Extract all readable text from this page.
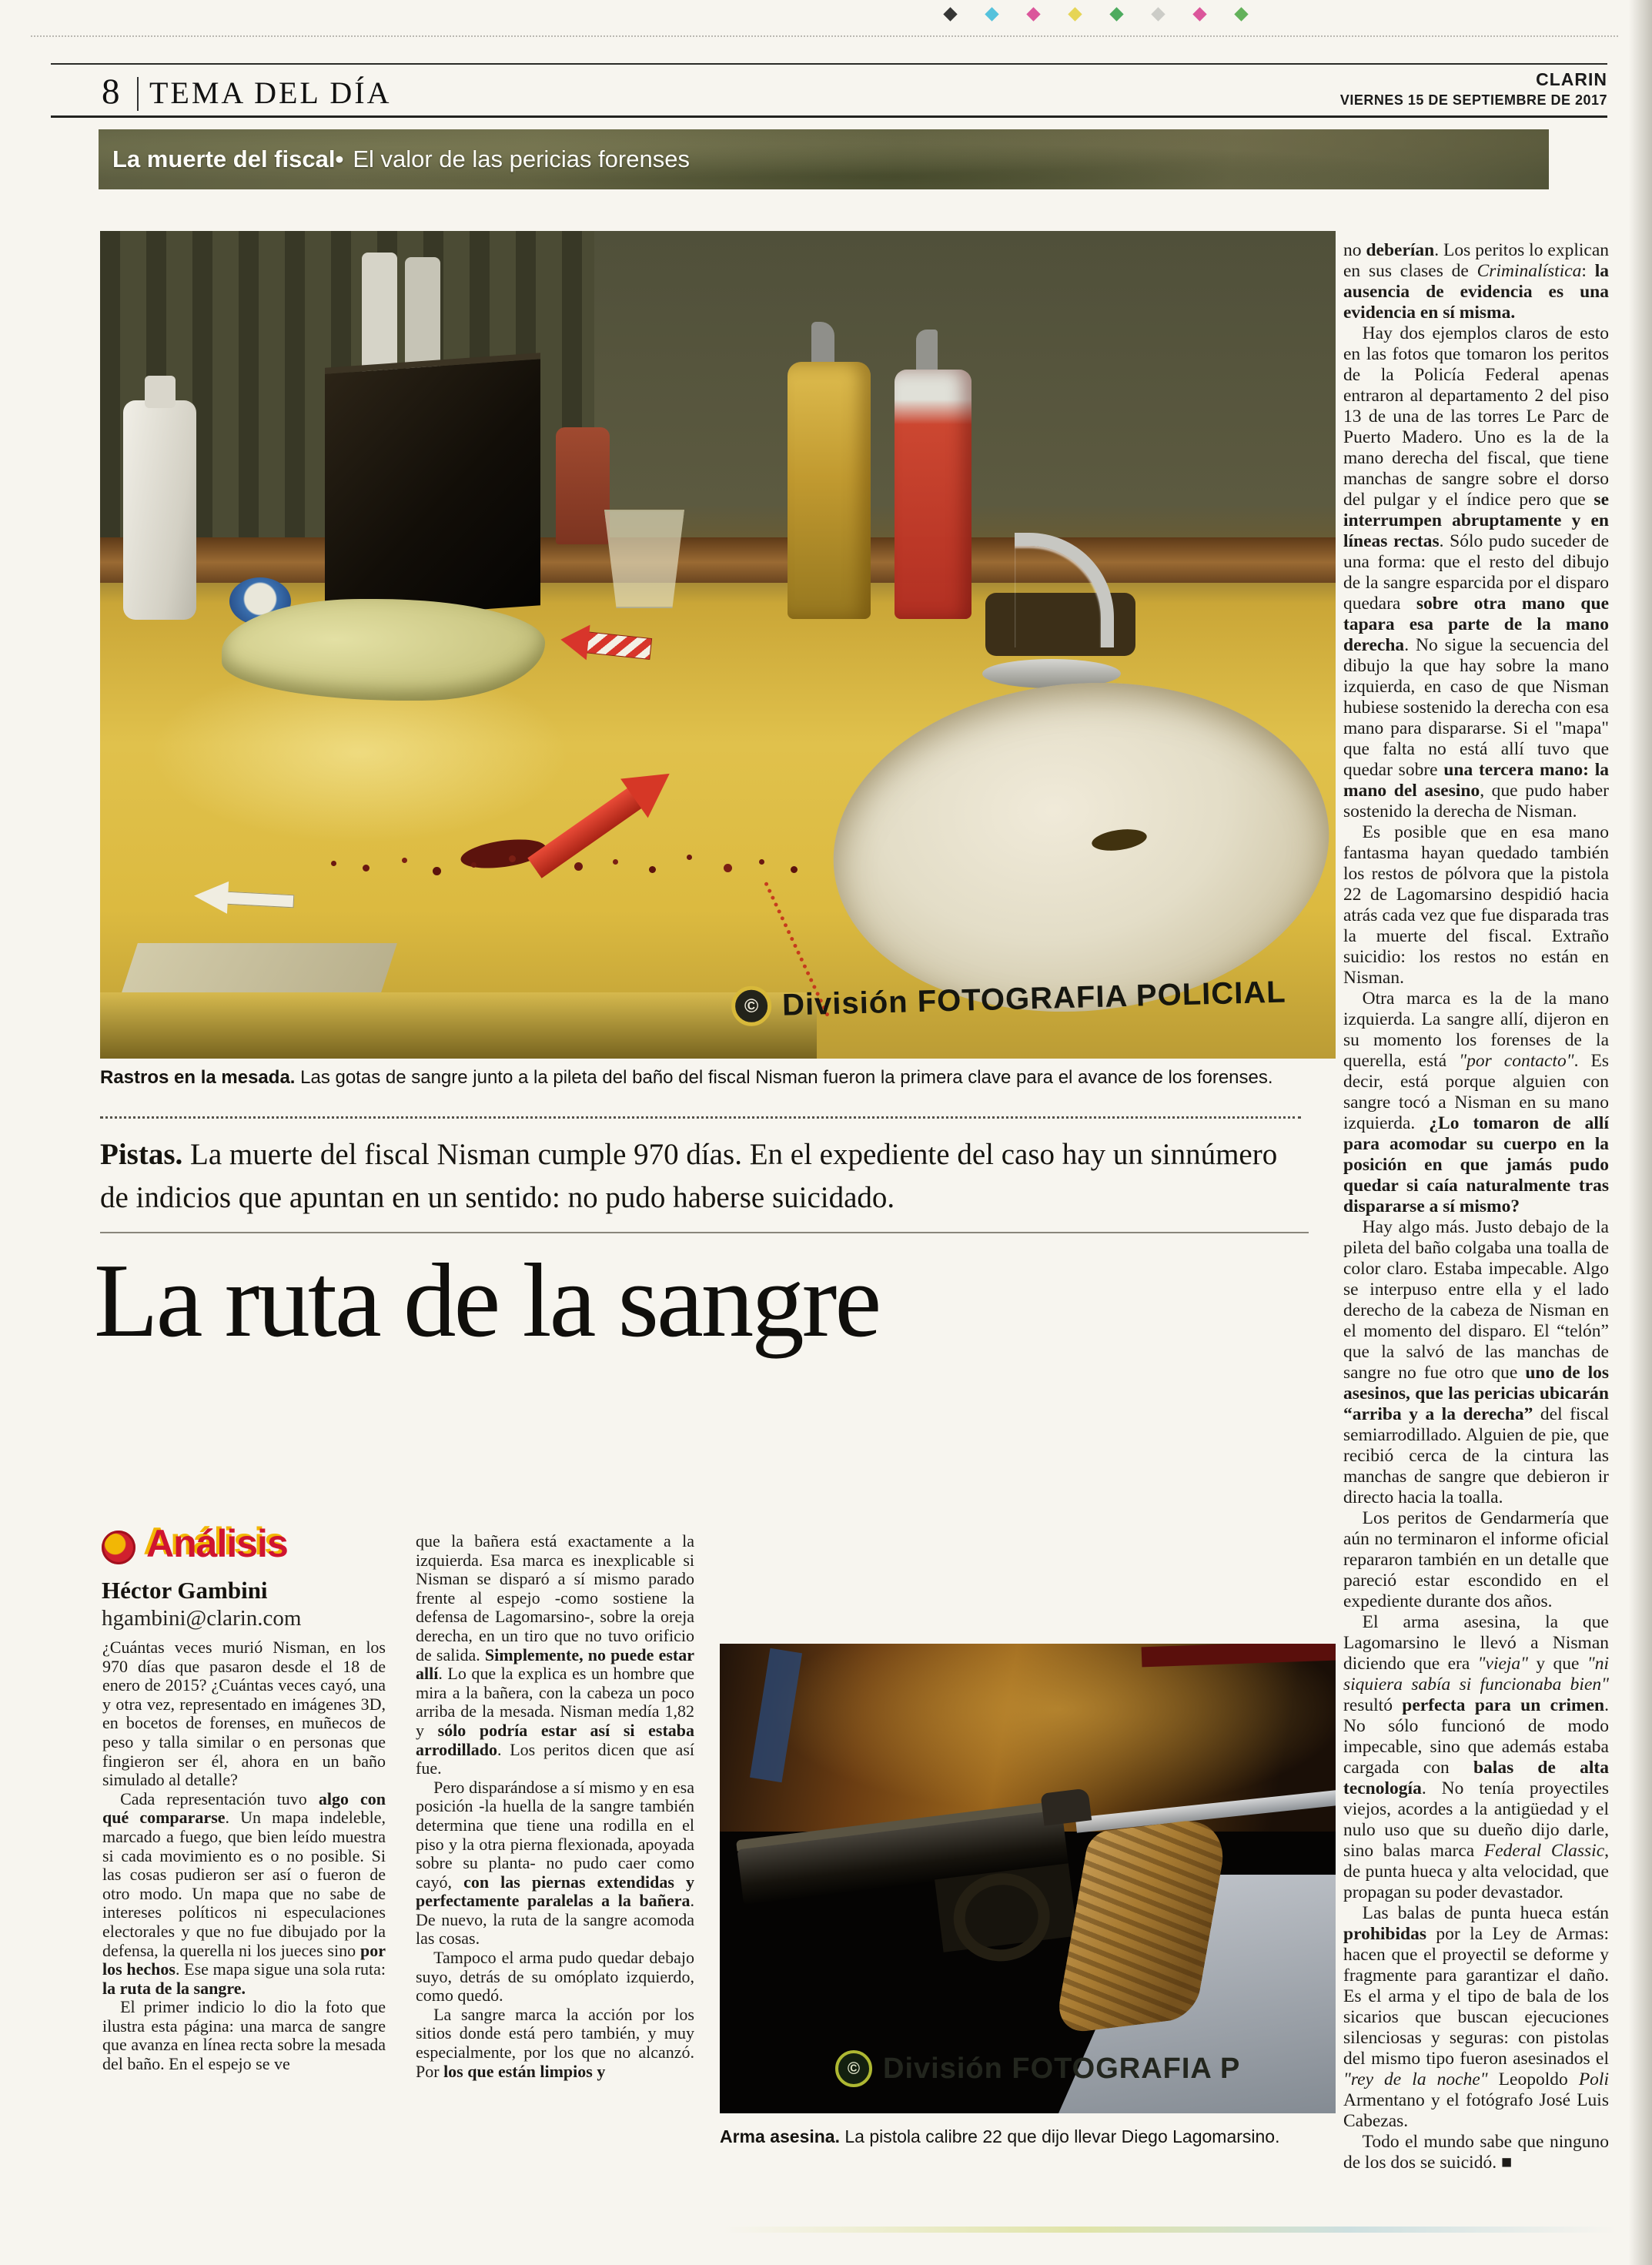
8 TEMA DEL DÍA	CLARIN
VIERNES 15 DE SEPTIEMBRE DE 2017
La muerte del fiscal• El valor de las pericias forenses
© División FOTOGRAFIA POLICIAL
Rastros en la mesada. Las gotas de sangre junto a la pileta del baño del fiscal Nisman fueron la primera clave para el avance de los forenses.
Pistas. La muerte del fiscal Nisman cumple 970 días. En el expediente del caso hay un sinnúmero de indicios que apuntan en un sentido: no pudo haberse suicidado.
La ruta de la sangre
Análisis
Héctor Gambini
hgambini@clarin.com

¿Cuántas veces murió Nisman, en los 970 días que pasaron desde el 18 de enero de 2015? ¿Cuántas veces cayó, una y otra vez, representado en imágenes 3D, en bocetos de forenses, en muñecos de peso y talla similar o en personas que fingieron ser él, ahora en un baño simulado al detalle?

Cada representación tuvo algo con qué compararse. Un mapa indeleble, marcado a fuego, que bien leído muestra si cada movimiento es o no posible. Si las cosas pudieron ser así o fueron de otro modo. Un mapa que no sabe de intereses políticos ni especulaciones electorales y que no fue dibujado por la defensa, la querella ni los jueces sino por los hechos. Ese mapa sigue una sola ruta: la ruta de la sangre.

El primer indicio lo dio la foto que ilustra esta página: una marca de sangre que avanza en línea recta sobre la mesada del baño. En el espejo se ve

que la bañera está exactamente a la izquierda. Esa marca es inexplicable si Nisman se disparó a sí mismo parado frente al espejo -como sostiene la defensa de Lagomarsino-, sobre la oreja derecha, en un tiro que no tuvo orificio de salida. Simplemente, no puede estar allí. Lo que la explica es un hombre que mira a la bañera, con la cabeza un poco arriba de la mesada. Nisman medía 1,82 y sólo podría estar así si estaba arrodillado. Los peritos dicen que así fue.

Pero disparándose a sí mismo y en esa posición -la huella de la sangre también determina que tiene una rodilla en el piso y la otra pierna flexionada, apoyada sobre su planta- no pudo caer como cayó, con las piernas extendidas y perfectamente paralelas a la bañera. De nuevo, la ruta de la sangre acomoda las cosas.

Tampoco el arma pudo quedar debajo suyo, detrás de su omóplato izquierdo, como quedó.

La sangre marca la acción por los sitios donde está pero también, y muy especialmente, por los que no alcanzó. Por los que están limpios y

no deberían. Los peritos lo explican en sus clases de Criminalística: la ausencia de evidencia es una evidencia en sí misma.

Hay dos ejemplos claros de esto en las fotos que tomaron los peritos de la Policía Federal apenas entraron al departamento 2 del piso 13 de una de las torres Le Parc de Puerto Madero. Uno es la de la mano derecha del fiscal, que tiene manchas de sangre sobre el dorso del pulgar y el índice pero que se interrumpen abruptamente y en líneas rectas. Sólo pudo suceder de una forma: que el resto del dibujo de la sangre esparcida por el disparo quedara sobre otra mano que tapara esa parte de la mano derecha. No sigue la secuencia del dibujo la que hay sobre la mano izquierda, en caso de que Nisman hubiese sostenido la derecha con esa mano para dispararse. Si el "mapa" que falta no está allí tuvo que quedar sobre una tercera mano: la mano del asesino, que pudo haber sostenido la derecha de Nisman.

Es posible que en esa mano fantasma hayan quedado también los restos de pólvora que la pistola 22 de Lagomarsino despidió hacia atrás cada vez que fue disparada tras la muerte del fiscal. Extraño suicidio: los restos no están en Nisman.

Otra marca es la de la mano izquierda. La sangre allí, dijeron en su momento los forenses de la querella, está "por contacto". Es decir, está porque alguien con sangre tocó a Nisman en su mano izquierda. ¿Lo tomaron de allí para acomodar su cuerpo en la posición en que jamás pudo quedar si caía naturalmente tras dispararse a sí mismo?

Hay algo más. Justo debajo de la pileta del baño colgaba una toalla de color claro. Estaba impecable. Algo se interpuso entre ella y el lado derecho de la cabeza de Nisman en el momento del disparo. El “telón” que la salvó de las manchas de sangre no fue otro que uno de los asesinos, que las pericias ubicarán “arriba y a la derecha” del fiscal semiarrodillado. Alguien de pie, que recibió cerca de la cintura las manchas de sangre que debieron ir directo hacia la toalla.

Los peritos de Gendarmería que aún no terminaron el informe oficial repararon también en un detalle que pareció estar escondido en el expediente durante dos años.

El arma asesina, la que Lagomarsino le llevó a Nisman diciendo que era "vieja" y que "ni siquiera sabía si funcionaba bien" resultó perfecta para un crimen. No sólo funcionó de modo impecable, sino que además estaba cargada con balas de alta tecnología. No tenía proyectiles viejos, acordes a la antigüedad y el nulo uso que su dueño dijo darle, sino balas marca Federal Classic, de punta hueca y alta velocidad, que propagan su poder devastador.

Las balas de punta hueca están prohibidas por la Ley de Armas: hacen que el proyectil se deforme y fragmente para garantizar el daño. Es el arma y el tipo de bala de los sicarios que buscan ejecuciones silenciosas y seguras: con pistolas del mismo tipo fueron asesinados el "rey de la noche" Leopoldo Poli Armentano y el fotógrafo José Luis Cabezas.

Todo el mundo sabe que ninguno de los dos se suicidó. ■

© División FOTOGRAFIA P
Arma asesina. La pistola calibre 22 que dijo llevar Diego Lagomarsino.
